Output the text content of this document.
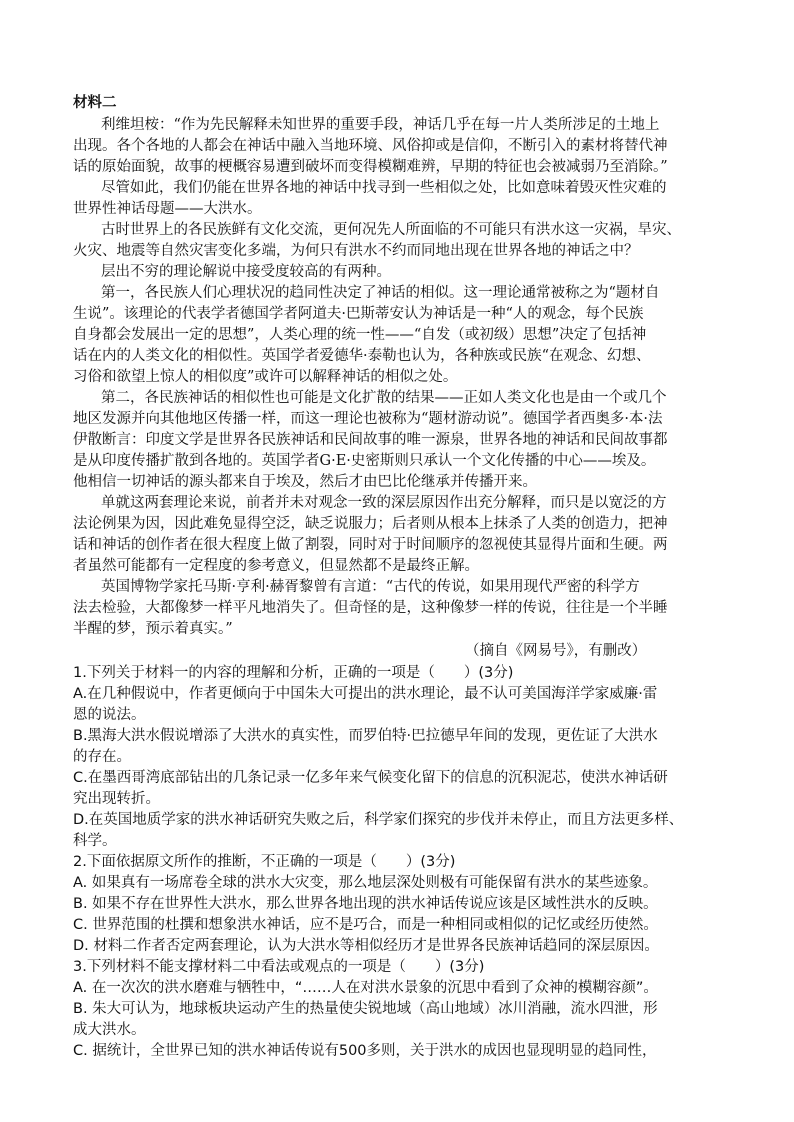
材料二
利维坦桉：“作为先民解释未知世界的重要手段，神话几乎在每一片人类所涉足的土地上
出现。各个各地的人都会在神话中融入当地环境、风俗抑或是信仰，不断引入的素材将替代神
话的原始面貌，故事的梗概容易遭到破坏而变得模糊难辨，早期的特征也会被减弱乃至消除。”
尽管如此，我们仍能在世界各地的神话中找寻到一些相似之处，比如意味着毁灭性灾难的
世界性神话母题——大洪水。
古时世界上的各民族鲜有文化交流，更何况先人所面临的不可能只有洪水这一灾祸，旱灾、
火灾、地震等自然灾害变化多端，为何只有洪水不约而同地出现在世界各地的神话之中？
层出不穷的理论解说中接受度较高的有两种。
第一，各民族人们心理状况的趋同性决定了神话的相似。这一理论通常被称之为“题材自
生说”。该理论的代表学者德国学者阿道夫·巴斯蒂安认为神话是一种“人的观念，每个民族
自身都会发展出一定的思想”，人类心理的统一性——“自发（或初级）思想”决定了包括神
话在内的人类文化的相似性。英国学者爱德华·泰勒也认为，各种族或民族“在观念、幻想、
习俗和欲望上惊人的相似度”或许可以解释神话的相似之处。
第二，各民族神话的相似性也可能是文化扩散的结果——正如人类文化也是由一个或几个
地区发源并向其他地区传播一样，而这一理论也被称为“题材游动说”。德国学者西奥多·本·法
伊散断言：印度文学是世界各民族神话和民间故事的唯一源泉，世界各地的神话和民间故事都
是从印度传播扩散到各地的。英国学者G·E·史密斯则只承认一个文化传播的中心——埃及。
他相信一切神话的源头都来自于埃及，然后才由巴比伦继承并传播开来。
单就这两套理论来说，前者并未对观念一致的深层原因作出充分解释，而只是以宽泛的方
法论例果为因，因此难免显得空泛，缺乏说服力；后者则从根本上抹杀了人类的创造力，把神
话和神话的创作者在很大程度上做了割裂，同时对于时间顺序的忽视使其显得片面和生硬。两
者虽然可能都有一定程度的参考意义，但显然都不是最终正解。
英国博物学家托马斯·亨利·赫胥黎曾有言道：“古代的传说，如果用现代严密的科学方
法去检验，大都像梦一样平凡地消失了。但奇怪的是，这种像梦一样的传说，往往是一个半睡
半醒的梦，预示着真实。”
（摘自《网易号》，有删改）
1.下列关于材料一的内容的理解和分析，正确的一项是（　　）(3分)
A.在几种假说中，作者更倾向于中国朱大可提出的洪水理论，最不认可美国海洋学家威廉·雷
恩的说法。
B.黑海大洪水假说增添了大洪水的真实性，而罗伯特·巴拉德早年间的发现，更佐证了大洪水
的存在。
C.在墨西哥湾底部钻出的几条记录一亿多年来气候变化留下的信息的沉积泥芯，使洪水神话研
究出现转折。
D.在英国地质学家的洪水神话研究失败之后，科学家们探究的步伐并未停止，而且方法更多样、
科学。
2.下面依据原文所作的推断，不正确的一项是（　　）(3分)
A. 如果真有一场席卷全球的洪水大灾变，那么地层深处则极有可能保留有洪水的某些迹象。
B. 如果不存在世界性大洪水，那么世界各地出现的洪水神话传说应该是区域性洪水的反映。
C. 世界范围的杜撰和想象洪水神话，应不是巧合，而是一种相同或相似的记忆或经历使然。
D. 材料二作者否定两套理论，认为大洪水等相似经历才是世界各民族神话趋同的深层原因。
3.下列材料不能支撑材料二中看法或观点的一项是（　　）(3分)
A. 在一次次的洪水磨难与牺牲中，“……人在对洪水景象的沉思中看到了众神的模糊容颜”。
B. 朱大可认为，地球板块运动产生的热量使尖锐地域（高山地域）冰川消融，流水四泄，形
成大洪水。
C. 据统计，全世界已知的洪水神话传说有500多则，关于洪水的成因也显现明显的趋同性，
